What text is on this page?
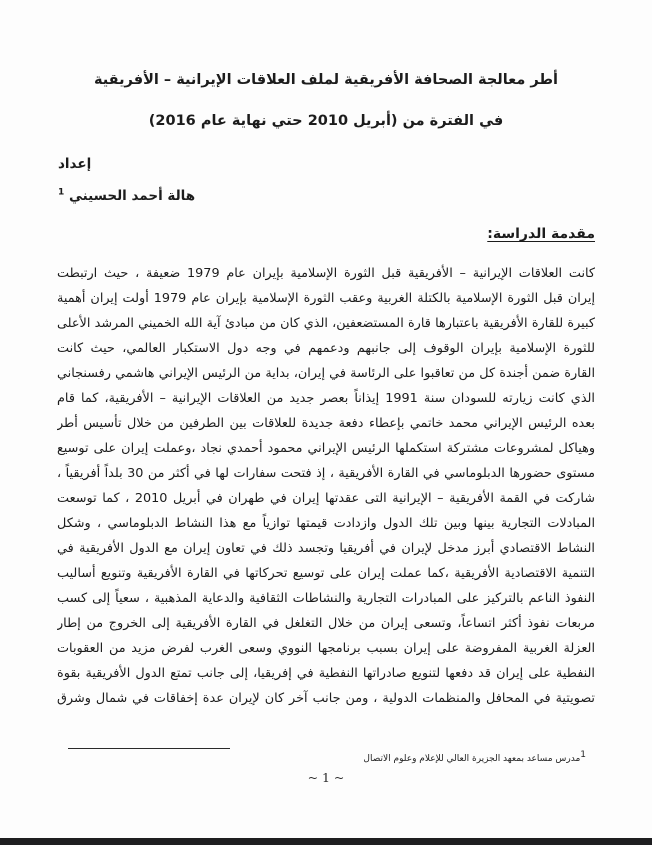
أطر معالجة الصحافة الأفريقية لملف العلاقات الإيرانية – الأفريقية
في الفترة من (أبريل 2010 حتي نهاية عام 2016)
إعداد
هالة أحمد الحسيني $^1$
مقدمة الدراسة:
كانت العلاقات الإيرانية – الأفريقية قبل الثورة الإسلامية بإيران عام 1979 ضعيفة ، حيث ارتبطت
إيران قبل الثورة الإسلامية بالكتلة الغربية وعقب الثورة الإسلامية بإيران عام 1979 أولت إيران أهمية
كبيرة للقارة الأفريقية باعتبارها قارة المستضعفين، الذي كان من مبادئ آية الله الخميني المرشد الأعلى
للثورة الإسلامية بإيران الوقوف إلى جانبهم ودعمهم في وجه دول الاستكبار العالمي، حيث كانت
القارة ضمن أجندة كل من تعاقبوا على الرئاسة في إيران، بداية من الرئيس الإيراني هاشمي رفسنجاني
الذي كانت زيارته للسودان سنة 1991 إيذاناً بعصر جديد من العلاقات الإيرانية – الأفريقية، كما قام
بعده الرئيس الإيراني محمد خاتمي بإعطاء دفعة جديدة للعلاقات بين الطرفين من خلال تأسيس أطر
وهياكل لمشروعات مشتركة استكملها الرئيس الإيراني محمود أحمدي نجاد ،وعملت إيران على توسيع
مستوى حضورها الدبلوماسي في القارة الأفريقية ، إذ فتحت سفارات لها في أكثر من 30 بلداً أفريقياً ،
شاركت في القمة الأفريقية – الإيرانية التى عقدتها إيران في طهران في أبريل 2010 ، كما توسعت
المبادلات التجارية بينها وبين تلك الدول وازدادت قيمتها توازياً مع هذا النشاط الدبلوماسي ، وشكل
النشاط الاقتصادي أبرز مدخل لإيران في أفريقيا وتجسد ذلك في تعاون إيران مع الدول الأفريقية في
التنمية الاقتصادية الأفريقية ،كما عملت إيران على توسيع تحركاتها في القارة الأفريقية وتنويع أساليب
النفوذ الناعم بالتركيز على المبادرات التجارية والنشاطات الثقافية والدعاية المذهبية ، سعياً إلى كسب
مربعات نفوذ أكثر اتساعاً، وتسعى إيران من خلال التغلغل في القارة الأفريقية إلى الخروج من إطار
العزلة الغربية المفروضة على إيران بسبب برنامجها النووي وسعى الغرب لفرض مزيد من العقوبات
النفطية على إيران قد دفعها لتنويع صادراتها النفطية في إفريقيا، إلى جانب تمتع الدول الأفريقية بقوة
تصويتية في المحافل والمنظمات الدولية ، ومن جانب آخر كان لإيران عدة إخفاقات في شمال وشرق
$^1$مدرس مساعد بمعهد الجزيرة العالي للإعلام وعلوم الاتصال
~ 1 ~
